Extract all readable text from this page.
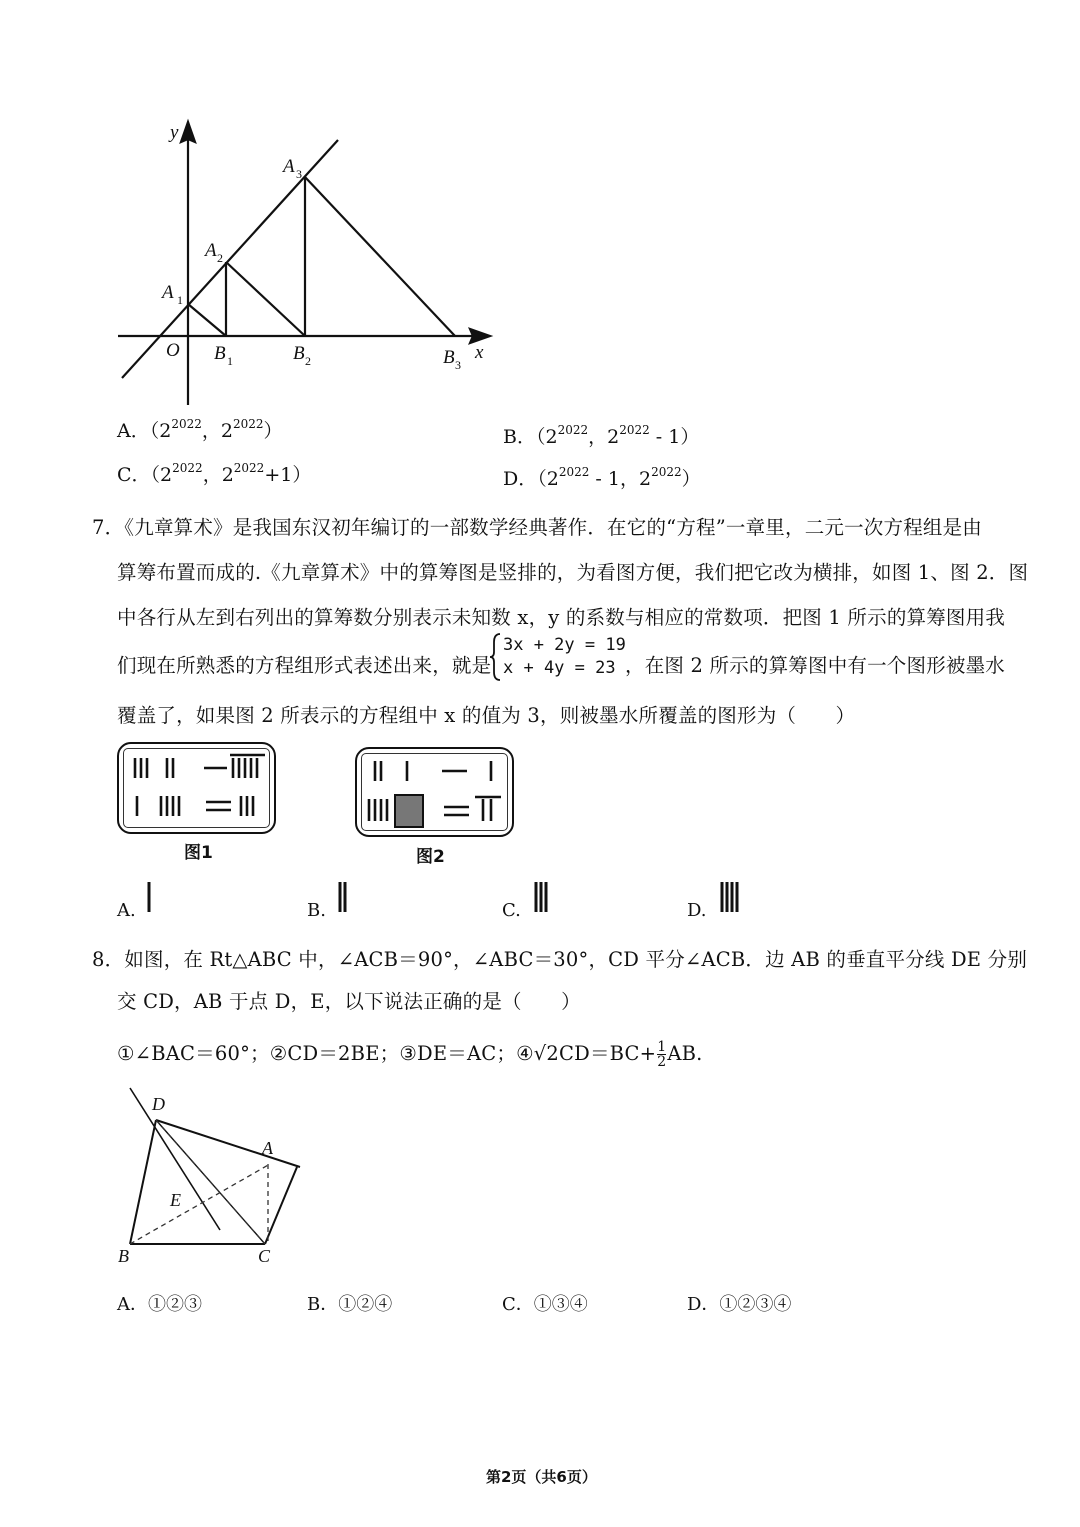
y
x
O
A 1
A 2
A 3
B 1	B 2	B 3
A．（$2^{2022}$，$2^{2022}$）	B．（$2^{2022}$，$2^{2022} - 1$）
C．（$2^{2022}$，$2^{2022}+1$）	D．（$2^{2022} - 1$，$2^{2022}$）
7．《九章算术》是我国东汉初年编订的一部数学经典著作．在它的“方程”一章里，二元一次方程组是由
算筹布置而成的.《九章算术》中的算筹图是竖排的，为看图方便，我们把它改为横排，如图 1、图 2．图
中各行从左到右列出的算筹数分别表示未知数 x，y 的系数与相应的常数项．把图 1 所示的算筹图用我
们现在所熟悉的方程组形式表述出来，就是
3x + 2y = 19
x + 4y = 23 ，在图 2 所示的算筹图中有一个图形被墨水
覆盖了，如果图 2 所表示的方程组中 x 的值为 3，则被墨水所覆盖的图形为（　　）
图1	图2
A.	B.	C.	D.
8．如图，在 Rt△ABC 中，∠ACB＝90°，∠ABC＝30°，CD 平分∠ACB．边 AB 的垂直平分线 DE 分别
交 CD，AB 于点 D，E，以下说法正确的是（　　）
①∠BAC＝60°；②CD＝2BE；③DE＝AC；④√2CD＝BC+ $\frac{1}{2}$ AB.
D
A
E
B	C
A．①②③	B．①②④	C．①③④	D．①②③④
第2页（共6页）
